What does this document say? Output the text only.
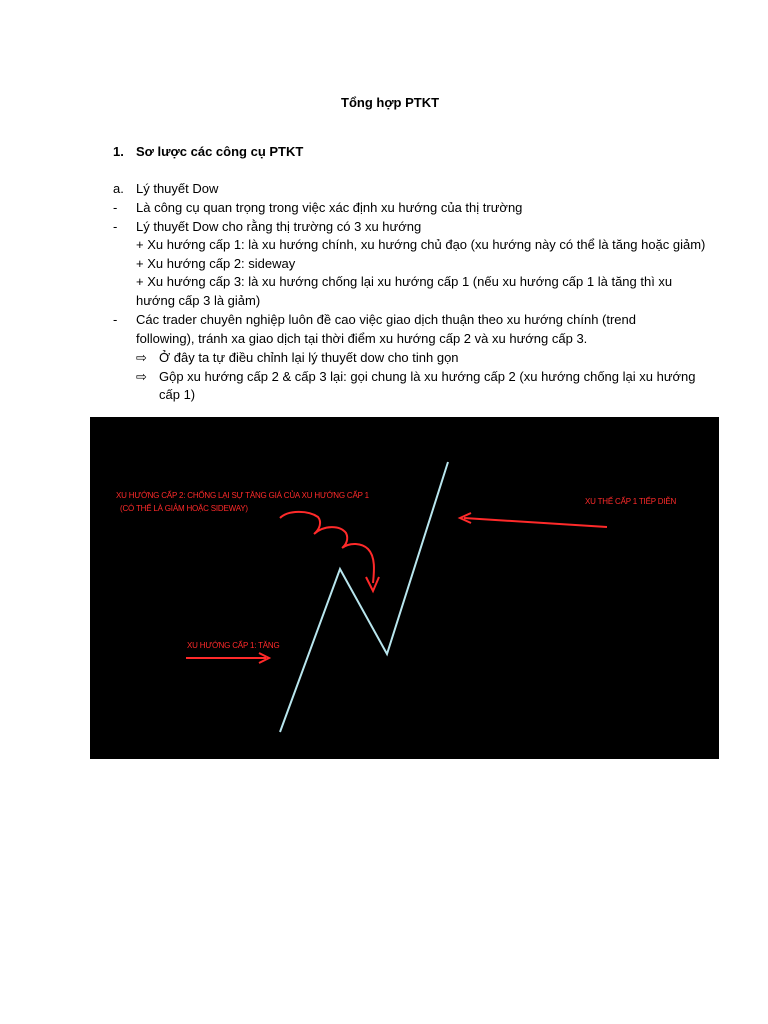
Tổng hợp PTKT
1. Sơ lược các công cụ PTKT
a. Lý thuyết Dow
- Là công cụ quan trọng trong việc xác định xu hướng của thị trường
- Lý thuyết Dow cho rằng thị trường có 3 xu hướng
+ Xu hướng cấp 1: là xu hướng chính, xu hướng chủ đạo (xu hướng này có thể là tăng hoặc giảm)
+ Xu hướng cấp 2: sideway
+ Xu hướng cấp 3: là xu hướng chống lại xu hướng cấp 1 (nếu xu hướng cấp 1 là tăng thì xu
hướng cấp 3 là giảm)
- Các trader chuyên nghiệp luôn đề cao việc giao dịch thuận theo xu hướng chính (trend
following), tránh xa giao dịch tại thời điểm xu hướng cấp 2 và xu hướng cấp 3.
⇨ Ở đây ta tự điều chỉnh lại lý thuyết dow cho tinh gọn
⇨ Gộp xu hướng cấp 2 & cấp 3 lại: gọi chung là xu hướng cấp 2 (xu hướng chống lại xu hướng
cấp 1)
XU HƯỚNG CẤP 2: CHỐNG LẠI SỰ TĂNG GIÁ CỦA XU HƯỚNG CẤP 1
(CÓ THỂ LÀ GIẢM HOẶC SIDEWAY)
XU THẾ CẤP 1 TIẾP DIỄN
XU HƯỚNG CẤP 1: TĂNG
